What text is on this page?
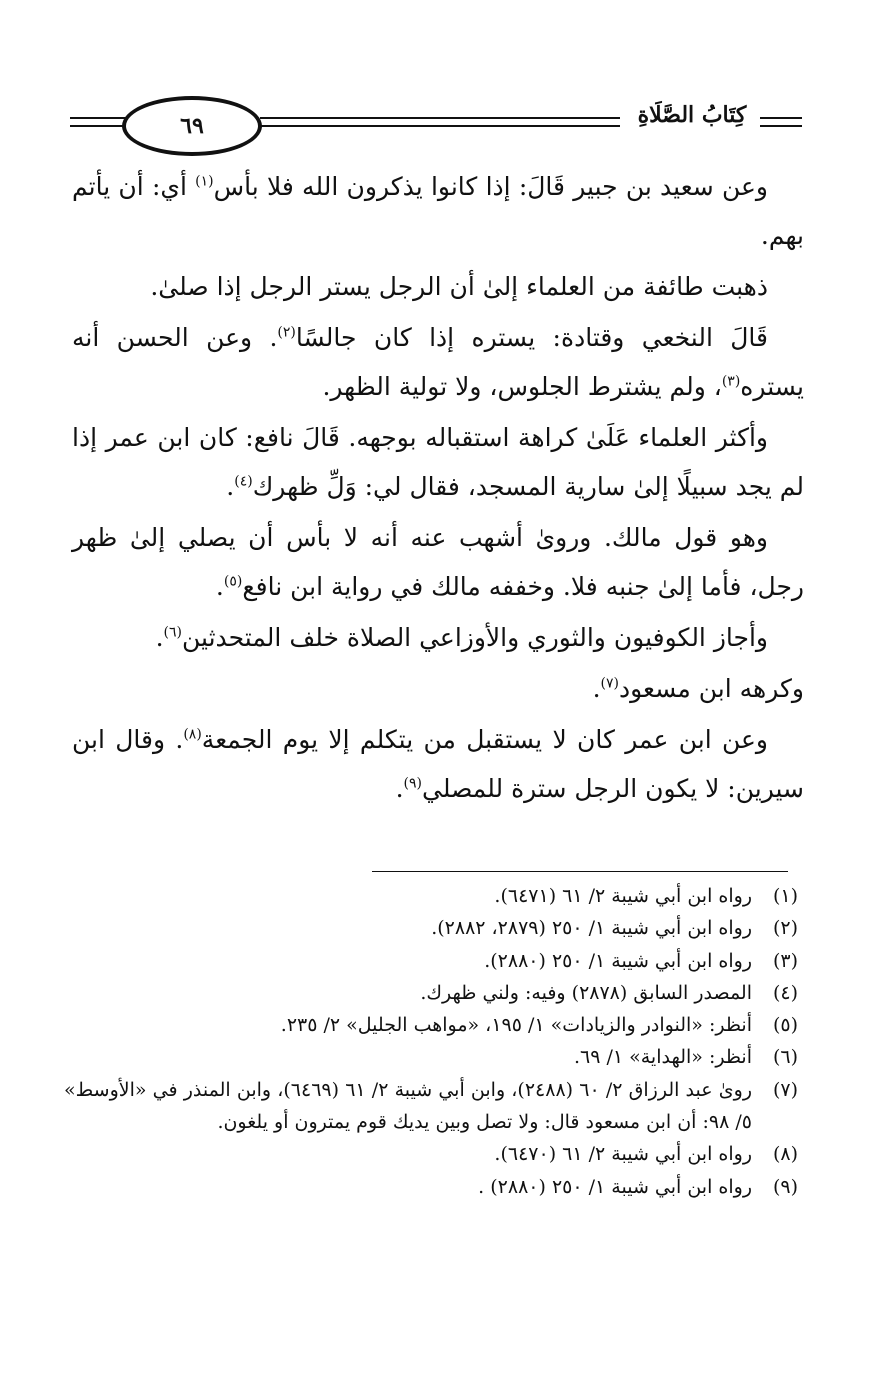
٦٩	كِتَابُ الصَّلَاةِ

وعن سعيد بن جبير قَالَ: إذا كانوا يذكرون الله فلا بأس$^{(١)}$ أي: أن يأتم بهم.

ذهبت طائفة من العلماء إلىٰ أن الرجل يستر الرجل إذا صلىٰ.

قَالَ النخعي وقتادة: يستره إذا كان جالسًا$^{(٢)}$. وعن الحسن أنه يستره$^{(٣)}$، ولم يشترط الجلوس، ولا تولية الظهر.

وأكثر العلماء عَلَىٰ كراهة استقباله بوجهه. قَالَ نافع: كان ابن عمر إذا لم يجد سبيلًا إلىٰ سارية المسجد، فقال لي: وَلِّ ظهرك$^{(٤)}$.

وهو قول مالك. وروىٰ أشهب عنه أنه لا بأس أن يصلي إلىٰ ظهر رجل، فأما إلىٰ جنبه فلا. وخففه مالك في رواية ابن نافع$^{(٥)}$.

وأجاز الكوفيون والثوري والأوزاعي الصلاة خلف المتحدثين$^{(٦)}$.

وكرهه ابن مسعود$^{(٧)}$.

وعن ابن عمر كان لا يستقبل من يتكلم إلا يوم الجمعة$^{(٨)}$. وقال ابن سيرين: لا يكون الرجل سترة للمصلي$^{(٩)}$.

(١)
رواه ابن أبي شيبة ٢/ ٦١ (٦٤٧١).
(٢)
رواه ابن أبي شيبة ١/ ٢٥٠ (٢٨٧٩، ٢٨٨٢).
(٣)
رواه ابن أبي شيبة ١/ ٢٥٠ (٢٨٨٠).
(٤)
المصدر السابق (٢٨٧٨) وفيه: ولني ظهرك.
(٥)
أنظر: «النوادر والزيادات» ١/ ١٩٥، «مواهب الجليل» ٢/ ٢٣٥.
(٦)
أنظر: «الهداية» ١/ ٦٩.
(٧)
روىٰ عبد الرزاق ٢/ ٦٠ (٢٤٨٨)، وابن أبي شيبة ٢/ ٦١ (٦٤٦٩)، وابن المنذر في «الأوسط» ٥/ ٩٨: أن ابن مسعود قال: ولا تصل وبين يديك قوم يمترون أو يلغون.
(٨)
رواه ابن أبي شيبة ٢/ ٦١ (٦٤٧٠).
(٩)
رواه ابن أبي شيبة ١/ ٢٥٠ (٢٨٨٠) .
